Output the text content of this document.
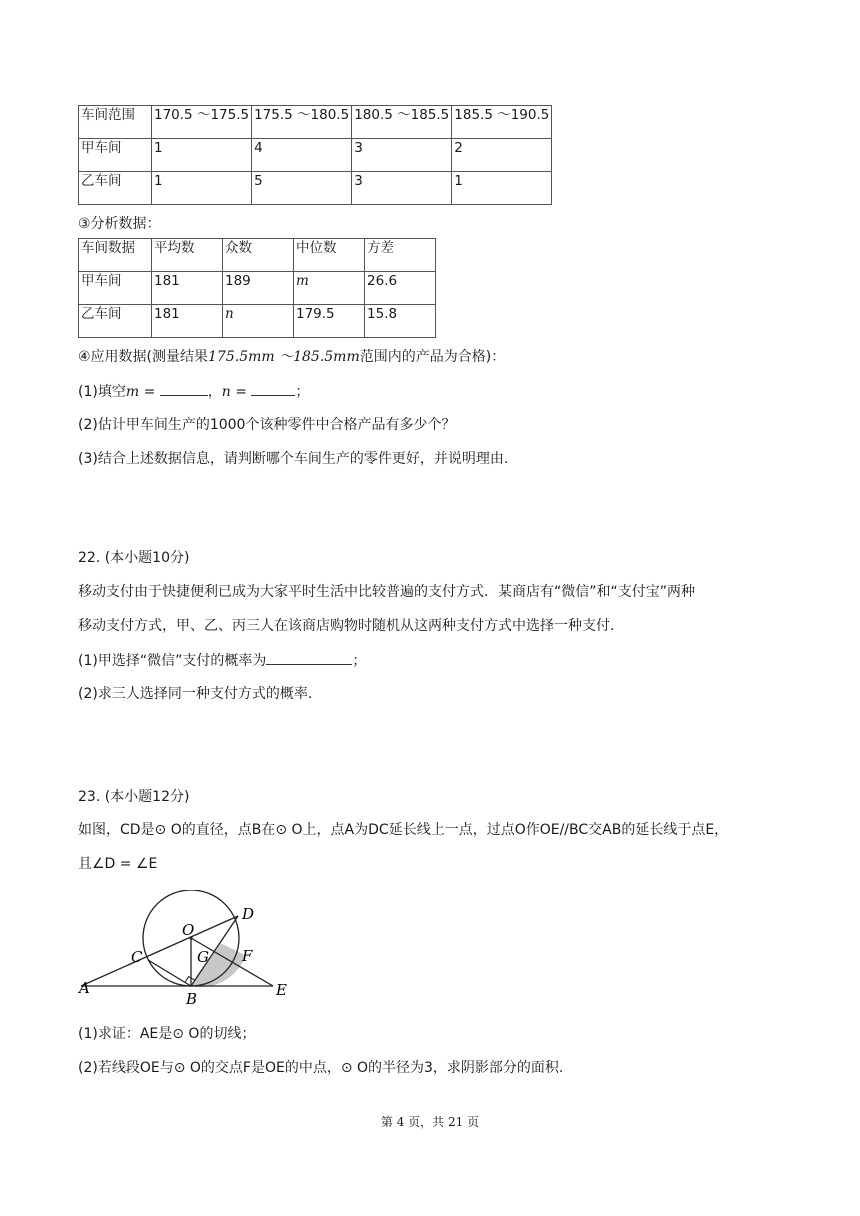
车间范围	170.5 ～175.5	175.5 ～180.5	180.5 ～185.5	185.5 ～190.5
甲车间	1	4	3	2
乙车间	1	5	3	1
③分析数据：
车间数据	平均数	众数	中位数	方差
甲车间	181	189	m	26.6
乙车间	181	n	179.5	15.8
④应用数据(测量结果175.5mm ～185.5mm范围内的产品为合格)：
(1)填空m =	，n =	；
(2)估计甲车间生产的1000个该种零件中合格产品有多少个？
(3)结合上述数据信息，请判断哪个车间生产的零件更好，并说明理由.
22. (本小题10分)
移动支付由于快捷便利已成为大家平时生活中比较普遍的支付方式．某商店有“微信”和“支付宝”两种
移动支付方式，甲、乙、丙三人在该商店购物时随机从这两种支付方式中选择一种支付.
(1)甲选择“微信”支付的概率为	；
(2)求三人选择同一种支付方式的概率.
23. (本小题12分)
如图，CD是⊙ O的直径，点B在⊙ O上，点A为DC延长线上一点，过点O作OE//BC交AB的延长线于点E，
且∠D = ∠E
A
B
C
D
E
F
G
O
(1)求证：AE是⊙ O的切线；
(2)若线段OE与⊙ O的交点F是OE的中点，⊙ O的半径为3，求阴影部分的面积.
第 4 页，共 21 页
